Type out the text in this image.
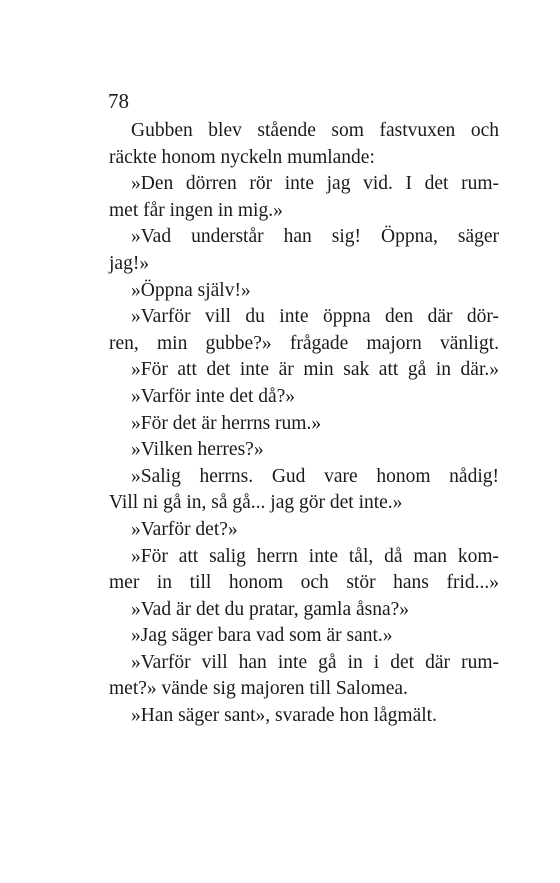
78

Gubben blev stående som fastvuxen och
räckte honom nyckeln mumlande:
»Den dörren rör inte jag vid. I det rum-
met får ingen in mig.»
»Vad understår han sig! Öppna, säger
jag!»
»Öppna själv!»
»Varför vill du inte öppna den där dör-
ren, min gubbe?» frågade majorn vänligt.
»För att det inte är min sak att gå in där.»
»Varför inte det då?»
»För det är herrns rum.»
»Vilken herres?»
»Salig herrns. Gud vare honom nådig!
Vill ni gå in, så gå... jag gör det inte.»
»Varför det?»
»För att salig herrn inte tål, då man kom-
mer in till honom och stör hans frid...»
»Vad är det du pratar, gamla åsna?»
»Jag säger bara vad som är sant.»
»Varför vill han inte gå in i det där rum-
met?» vände sig majoren till Salomea.
»Han säger sant», svarade hon lågmält.
